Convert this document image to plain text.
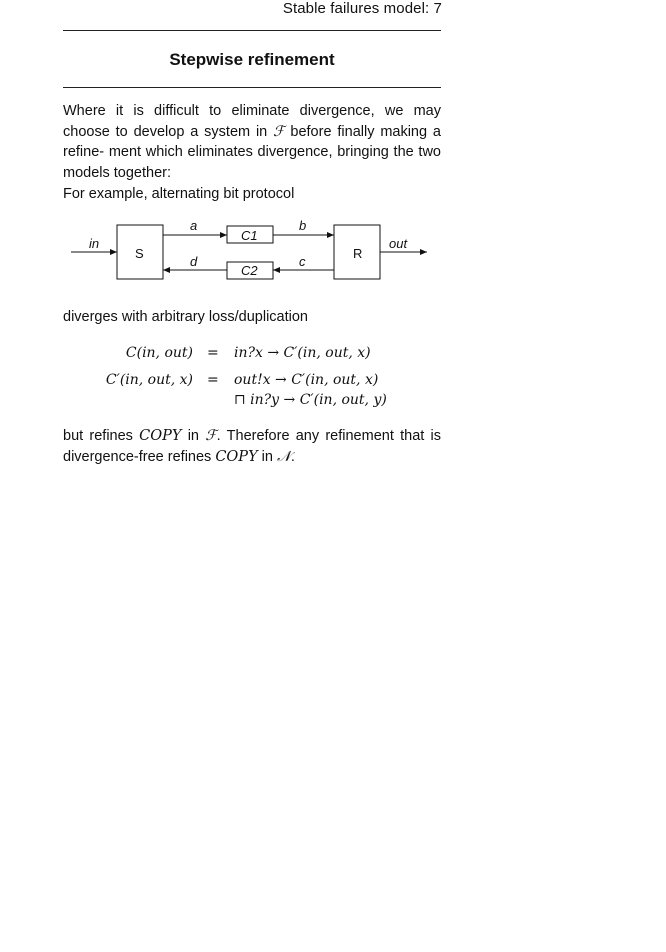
Stable failures model: 7
Stepwise refinement
Where it is difficult to eliminate divergence, we may choose to develop a system in ℱ before finally making a refine- ment which eliminates divergence, bringing the two models together:
For example, alternating bit protocol
in
S
a
C1
b
R
out
c
C2
d
diverges with arbitrary loss/duplication
C(in, out) = in?x → C′(in, out, x)
C′(in, out, x) = out!x → C′(in, out, x)
⊓ in?y → C′(in, out, y)
but refines COPY in ℱ. Therefore any refinement that is divergence-free refines COPY in 𝒩.
